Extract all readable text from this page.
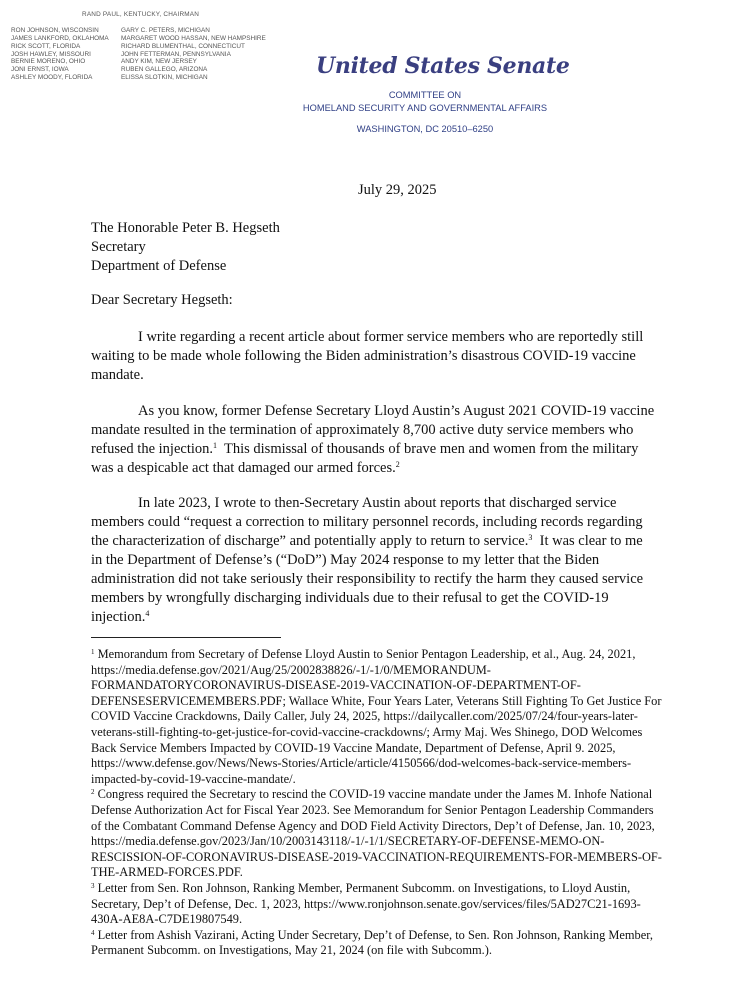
RAND PAUL, KENTUCKY, CHAIRMAN
RON JOHNSON, WISCONSIN
JAMES LANKFORD, OKLAHOMA
RICK SCOTT, FLORIDA
JOSH HAWLEY, MISSOURI
BERNIE MORENO, OHIO
JONI ERNST, IOWA
ASHLEY MOODY, FLORIDA
GARY C. PETERS, MICHIGAN
MARGARET WOOD HASSAN, NEW HAMPSHIRE
RICHARD BLUMENTHAL, CONNECTICUT
JOHN FETTERMAN, PENNSYLVANIA
ANDY KIM, NEW JERSEY
RUBEN GALLEGO, ARIZONA
ELISSA SLOTKIN, MICHIGAN	United States Senate
COMMITTEE ON
HOMELAND SECURITY AND GOVERNMENTAL AFFAIRS
WASHINGTON, DC 20510–6250
July 29, 2025
The Honorable Peter B. Hegseth
Secretary
Department of Defense
Dear Secretary Hegseth:
I write regarding a recent article about former service members who are reportedly still
waiting to be made whole following the Biden administration’s disastrous COVID-19 vaccine
mandate.
As you know, former Defense Secretary Lloyd Austin’s August 2021 COVID-19 vaccine
mandate resulted in the termination of approximately 8,700 active duty service members who
refused the injection.$^1$  This dismissal of thousands of brave men and women from the military
was a despicable act that damaged our armed forces.$^2$
In late 2023, I wrote to then-Secretary Austin about reports that discharged service
members could “request a correction to military personnel records, including records regarding
the characterization of discharge” and potentially apply to return to service.$^3$  It was clear to me
in the Department of Defense’s (“DoD”) May 2024 response to my letter that the Biden
administration did not take seriously their responsibility to rectify the harm they caused service
members by wrongfully discharging individuals due to their refusal to get the COVID-19
injection.$^4$
$^1$ Memorandum from Secretary of Defense Lloyd Austin to Senior Pentagon Leadership, et al., Aug. 24, 2021,
https://media.defense.gov/2021/Aug/25/2002838826/-1/-1/0/MEMORANDUM-
FORMANDATORYCORONAVIRUS-DISEASE-2019-VACCINATION-OF-DEPARTMENT-OF-
DEFENSESERVICEMEMBERS.PDF; Wallace White, Four Years Later, Veterans Still Fighting To Get Justice For
COVID Vaccine Crackdowns, Daily Caller, July 24, 2025, https://dailycaller.com/2025/07/24/four-years-later-
veterans-still-fighting-to-get-justice-for-covid-vaccine-crackdowns/; Army Maj. Wes Shinego, DOD Welcomes
Back Service Members Impacted by COVID-19 Vaccine Mandate, Department of Defense, April 9. 2025,
https://www.defense.gov/News/News-Stories/Article/article/4150566/dod-welcomes-back-service-members-
impacted-by-covid-19-vaccine-mandate/.
$^2$ Congress required the Secretary to rescind the COVID-19 vaccine mandate under the James M. Inhofe National
Defense Authorization Act for Fiscal Year 2023. See Memorandum for Senior Pentagon Leadership Commanders
of the Combatant Command Defense Agency and DOD Field Activity Directors, Dep’t of Defense, Jan. 10, 2023,
https://media.defense.gov/2023/Jan/10/2003143118/-1/-1/1/SECRETARY-OF-DEFENSE-MEMO-ON-
RESCISSION-OF-CORONAVIRUS-DISEASE-2019-VACCINATION-REQUIREMENTS-FOR-MEMBERS-OF-
THE-ARMED-FORCES.PDF.
$^3$ Letter from Sen. Ron Johnson, Ranking Member, Permanent Subcomm. on Investigations, to Lloyd Austin,
Secretary, Dep’t of Defense, Dec. 1, 2023, https://www.ronjohnson.senate.gov/services/files/5AD27C21-1693-
430A-AE8A-C7DE19807549.
$^4$ Letter from Ashish Vazirani, Acting Under Secretary, Dep’t of Defense, to Sen. Ron Johnson, Ranking Member,
Permanent Subcomm. on Investigations, May 21, 2024 (on file with Subcomm.).
